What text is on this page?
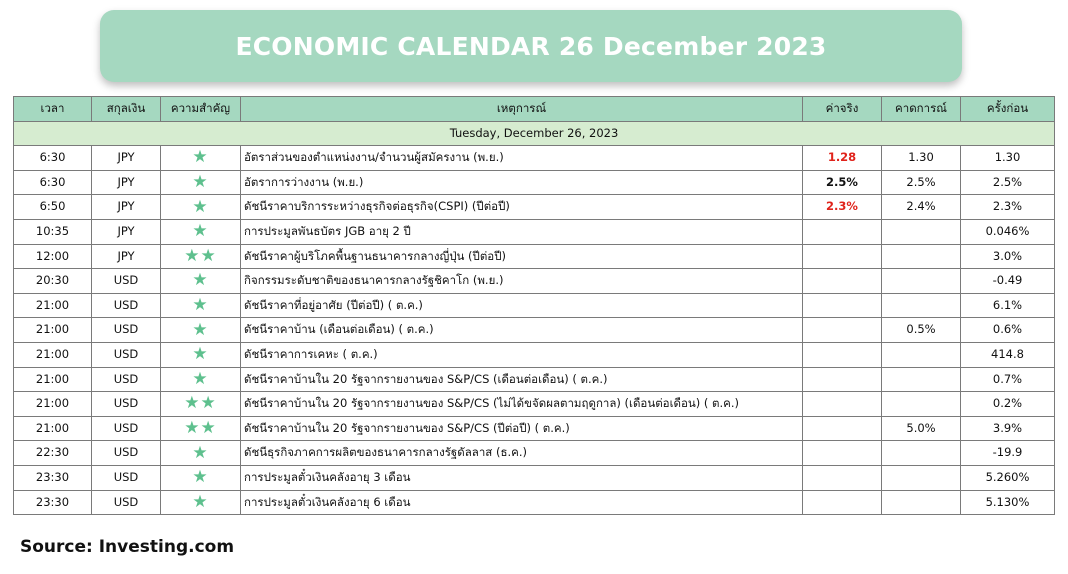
ECONOMIC CALENDAR 26 December 2023
เวลา	สกุลเงิน	ความสำคัญ	เหตุการณ์	ค่าจริง	คาดการณ์	ครั้งก่อน
Tuesday, December 26, 2023						
6:30	JPY	★	อัตราส่วนของตำแหน่งงาน/จำนวนผู้สมัครงาน (พ.ย.)	1.28	1.30	1.30
6:30	JPY	★	อัตราการว่างงาน (พ.ย.)	2.5%	2.5%	2.5%
6:50	JPY	★	ดัชนีราคาบริการระหว่างธุรกิจต่อธุรกิจ(CSPI) (ปีต่อปี)	2.3%	2.4%	2.3%
10:35	JPY	★	การประมูลพันธบัตร JGB อายุ 2 ปี			0.046%
12:00	JPY	★★	ดัชนีราคาผู้บริโภคพื้นฐานธนาคารกลางญี่ปุ่น (ปีต่อปี)			3.0%
20:30	USD	★	กิจกรรมระดับชาติของธนาคารกลางรัฐชิคาโก (พ.ย.)			-0.49
21:00	USD	★	ดัชนีราคาที่อยู่อาศัย (ปีต่อปี) ( ต.ค.)			6.1%
21:00	USD	★	ดัชนีราคาบ้าน (เดือนต่อเดือน) ( ต.ค.)		0.5%	0.6%
21:00	USD	★	ดัชนีราคาการเคหะ ( ต.ค.)			414.8
21:00	USD	★	ดัชนีราคาบ้านใน 20 รัฐจากรายงานของ S&P/CS (เดือนต่อเดือน) ( ต.ค.)			0.7%
21:00	USD	★★	ดัชนีราคาบ้านใน 20 รัฐจากรายงานของ S&P/CS (ไม่ได้ขจัดผลตามฤดูกาล) (เดือนต่อเดือน) ( ต.ค.)			0.2%
21:00	USD	★★	ดัชนีราคาบ้านใน 20 รัฐจากรายงานของ S&P/CS (ปีต่อปี) ( ต.ค.)		5.0%	3.9%
22:30	USD	★	ดัชนีธุรกิจภาคการผลิตของธนาคารกลางรัฐดัลลาส (ธ.ค.)			-19.9
23:30	USD	★	การประมูลตั๋วเงินคลังอายุ 3 เดือน			5.260%
23:30	USD	★	การประมูลตั๋วเงินคลังอายุ 6 เดือน			5.130%
Source: Investing.com
